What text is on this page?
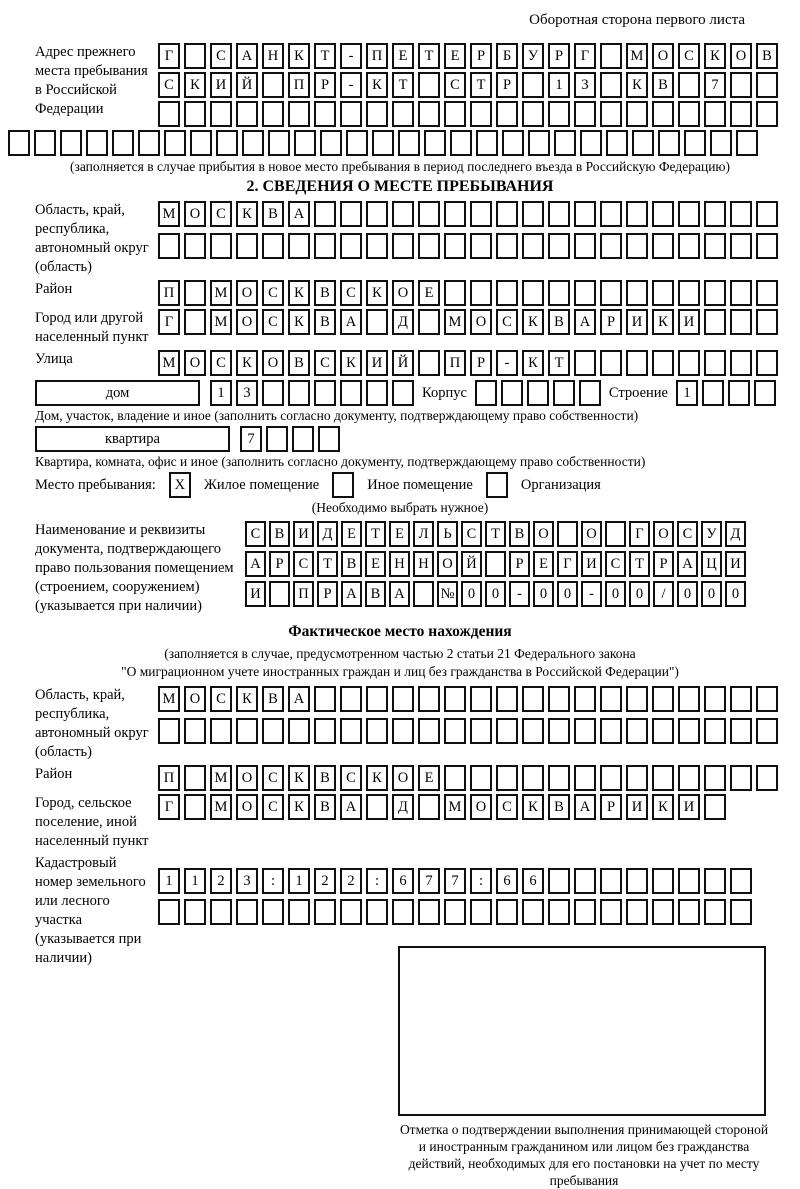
Оборотная сторона первого листа
Адрес прежнего места пребывания в Российской Федерации
Г	С	А	Н	К	Т	-	П	Е	Т	Е	Р	Б	У	Р	Г	М О	С	К	О	В
С	К	И	Й	П	Р	-	К	Т	С	Т	Р	1	3	К	В	7
(заполняется в случае прибытия в новое место пребывания в период последнего въезда в Российскую Федерацию)
2. СВЕДЕНИЯ О МЕСТЕ ПРЕБЫВАНИЯ
Область, край, республика, автономный округ (область)
М О	С	К	В	А
Район	П	М О	С	К	В	С	К	О	Е
Город или другой населенный пункт
Г	М О	С	К	В	А	Д	М О	С	К	В	А	Р	И	К	И
Улица	М О	С	К	О	В	С	К	И	Й	П	Р	-	К	Т
дом	1	3	Корпус	Строение	1
Дом, участок, владение и иное (заполнить согласно документу, подтверждающему право собственности)
квартира	7
Квартира, комната, офис и иное (заполнить согласно документу, подтверждающему право собственности)
Место пребывания:	X	Жилое помещение	Иное помещение	Организация
(Необходимо выбрать нужное)
Наименование и реквизиты документа, подтверждающего право пользования помещением (строением, сооружением) (указывается при наличии)
С В И Д	Е	Т	Е	Л	Ь	С	Т	В О	О	Г	О С У Д
А	Р	С	Т	В	Е Н Н О Й	Р	Е	Г	И С	Т	Р	А Ц И
И	П	Р	А В А	№ 0	0	-	0	0	-	0	0	/	0	0	0
Фактическое место нахождения
(заполняется в случае, предусмотренном частью 2 статьи 21 Федерального закона
"О миграционном учете иностранных граждан и лиц без гражданства в Российской Федерации")
Область, край, республика, автономный округ (область)
М О	С	К	В	А
Район	П	М О	С	К	В	С	К	О	Е
Город, сельское поселение, иной населенный пункт
Г	М О	С	К	В	А	Д	М О	С	К	В	А	Р	И	К	И
Кадастровый номер земельного или лесного участка (указывается при наличии)
1	1	2	3	:	1	2	2	:	6	7	7	:	6	6
Отметка о подтверждении выполнения принимающей стороной и иностранным гражданином или лицом без гражданства действий, необходимых для его постановки на учет по месту пребывания
